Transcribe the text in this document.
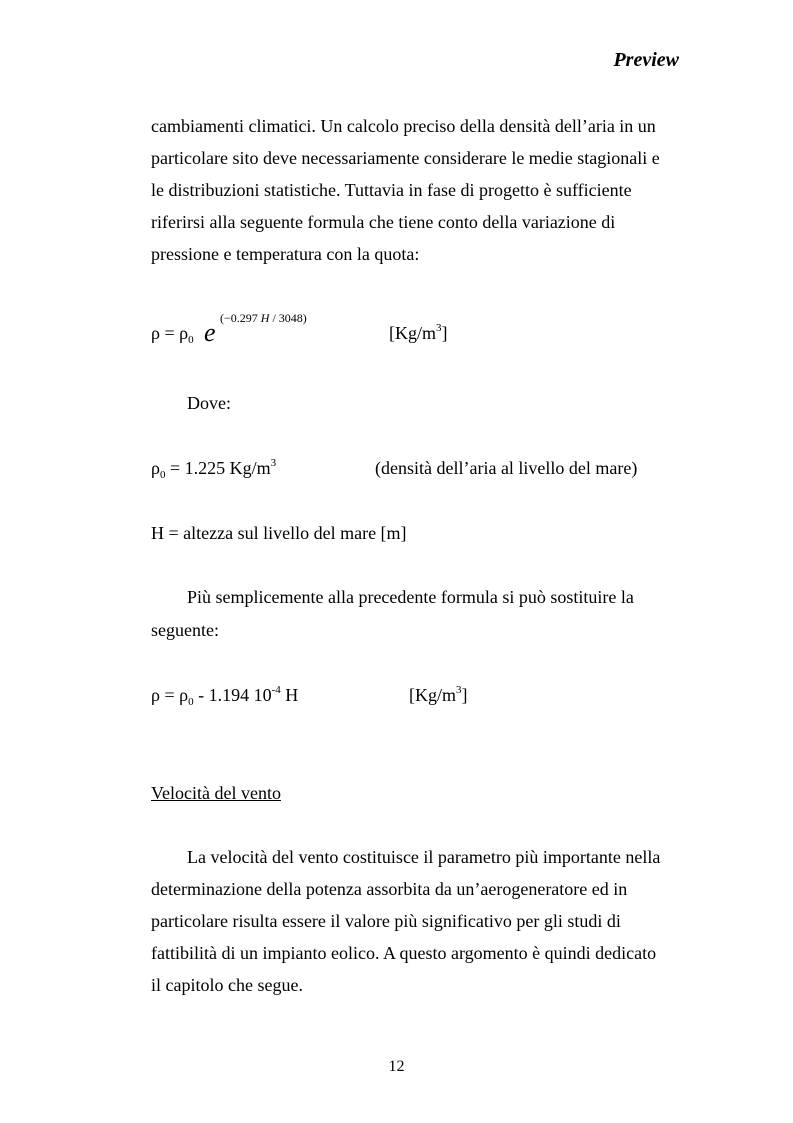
Preview
cambiamenti climatici. Un calcolo preciso della densità dell’aria in un
particolare sito deve necessariamente considerare le medie stagionali e
le distribuzioni statistiche. Tuttavia in fase di progetto è sufficiente
riferirsi alla seguente formula che tiene conto della variazione di
pressione e temperatura con la quota:
$\rho = \rho_0$ e (−0.297 H / 3048)
$[Kg/m^3]$
Dove:
$\rho_0 = 1.225$ $Kg/m^3$	(densità dell’aria al livello del mare)
H = altezza sul livello del mare [m]
Più semplicemente alla precedente formula si può sostituire la
seguente:
$\rho = \rho_0 - 1.194$ $10^{-4}$ H	$[Kg/m^3]$
Velocità del vento
La velocità del vento costituisce il parametro più importante nella
determinazione della potenza assorbita da un’aerogeneratore ed in
particolare risulta essere il valore più significativo per gli studi di
fattibilità di un impianto eolico. A questo argomento è quindi dedicato
il capitolo che segue.
12
